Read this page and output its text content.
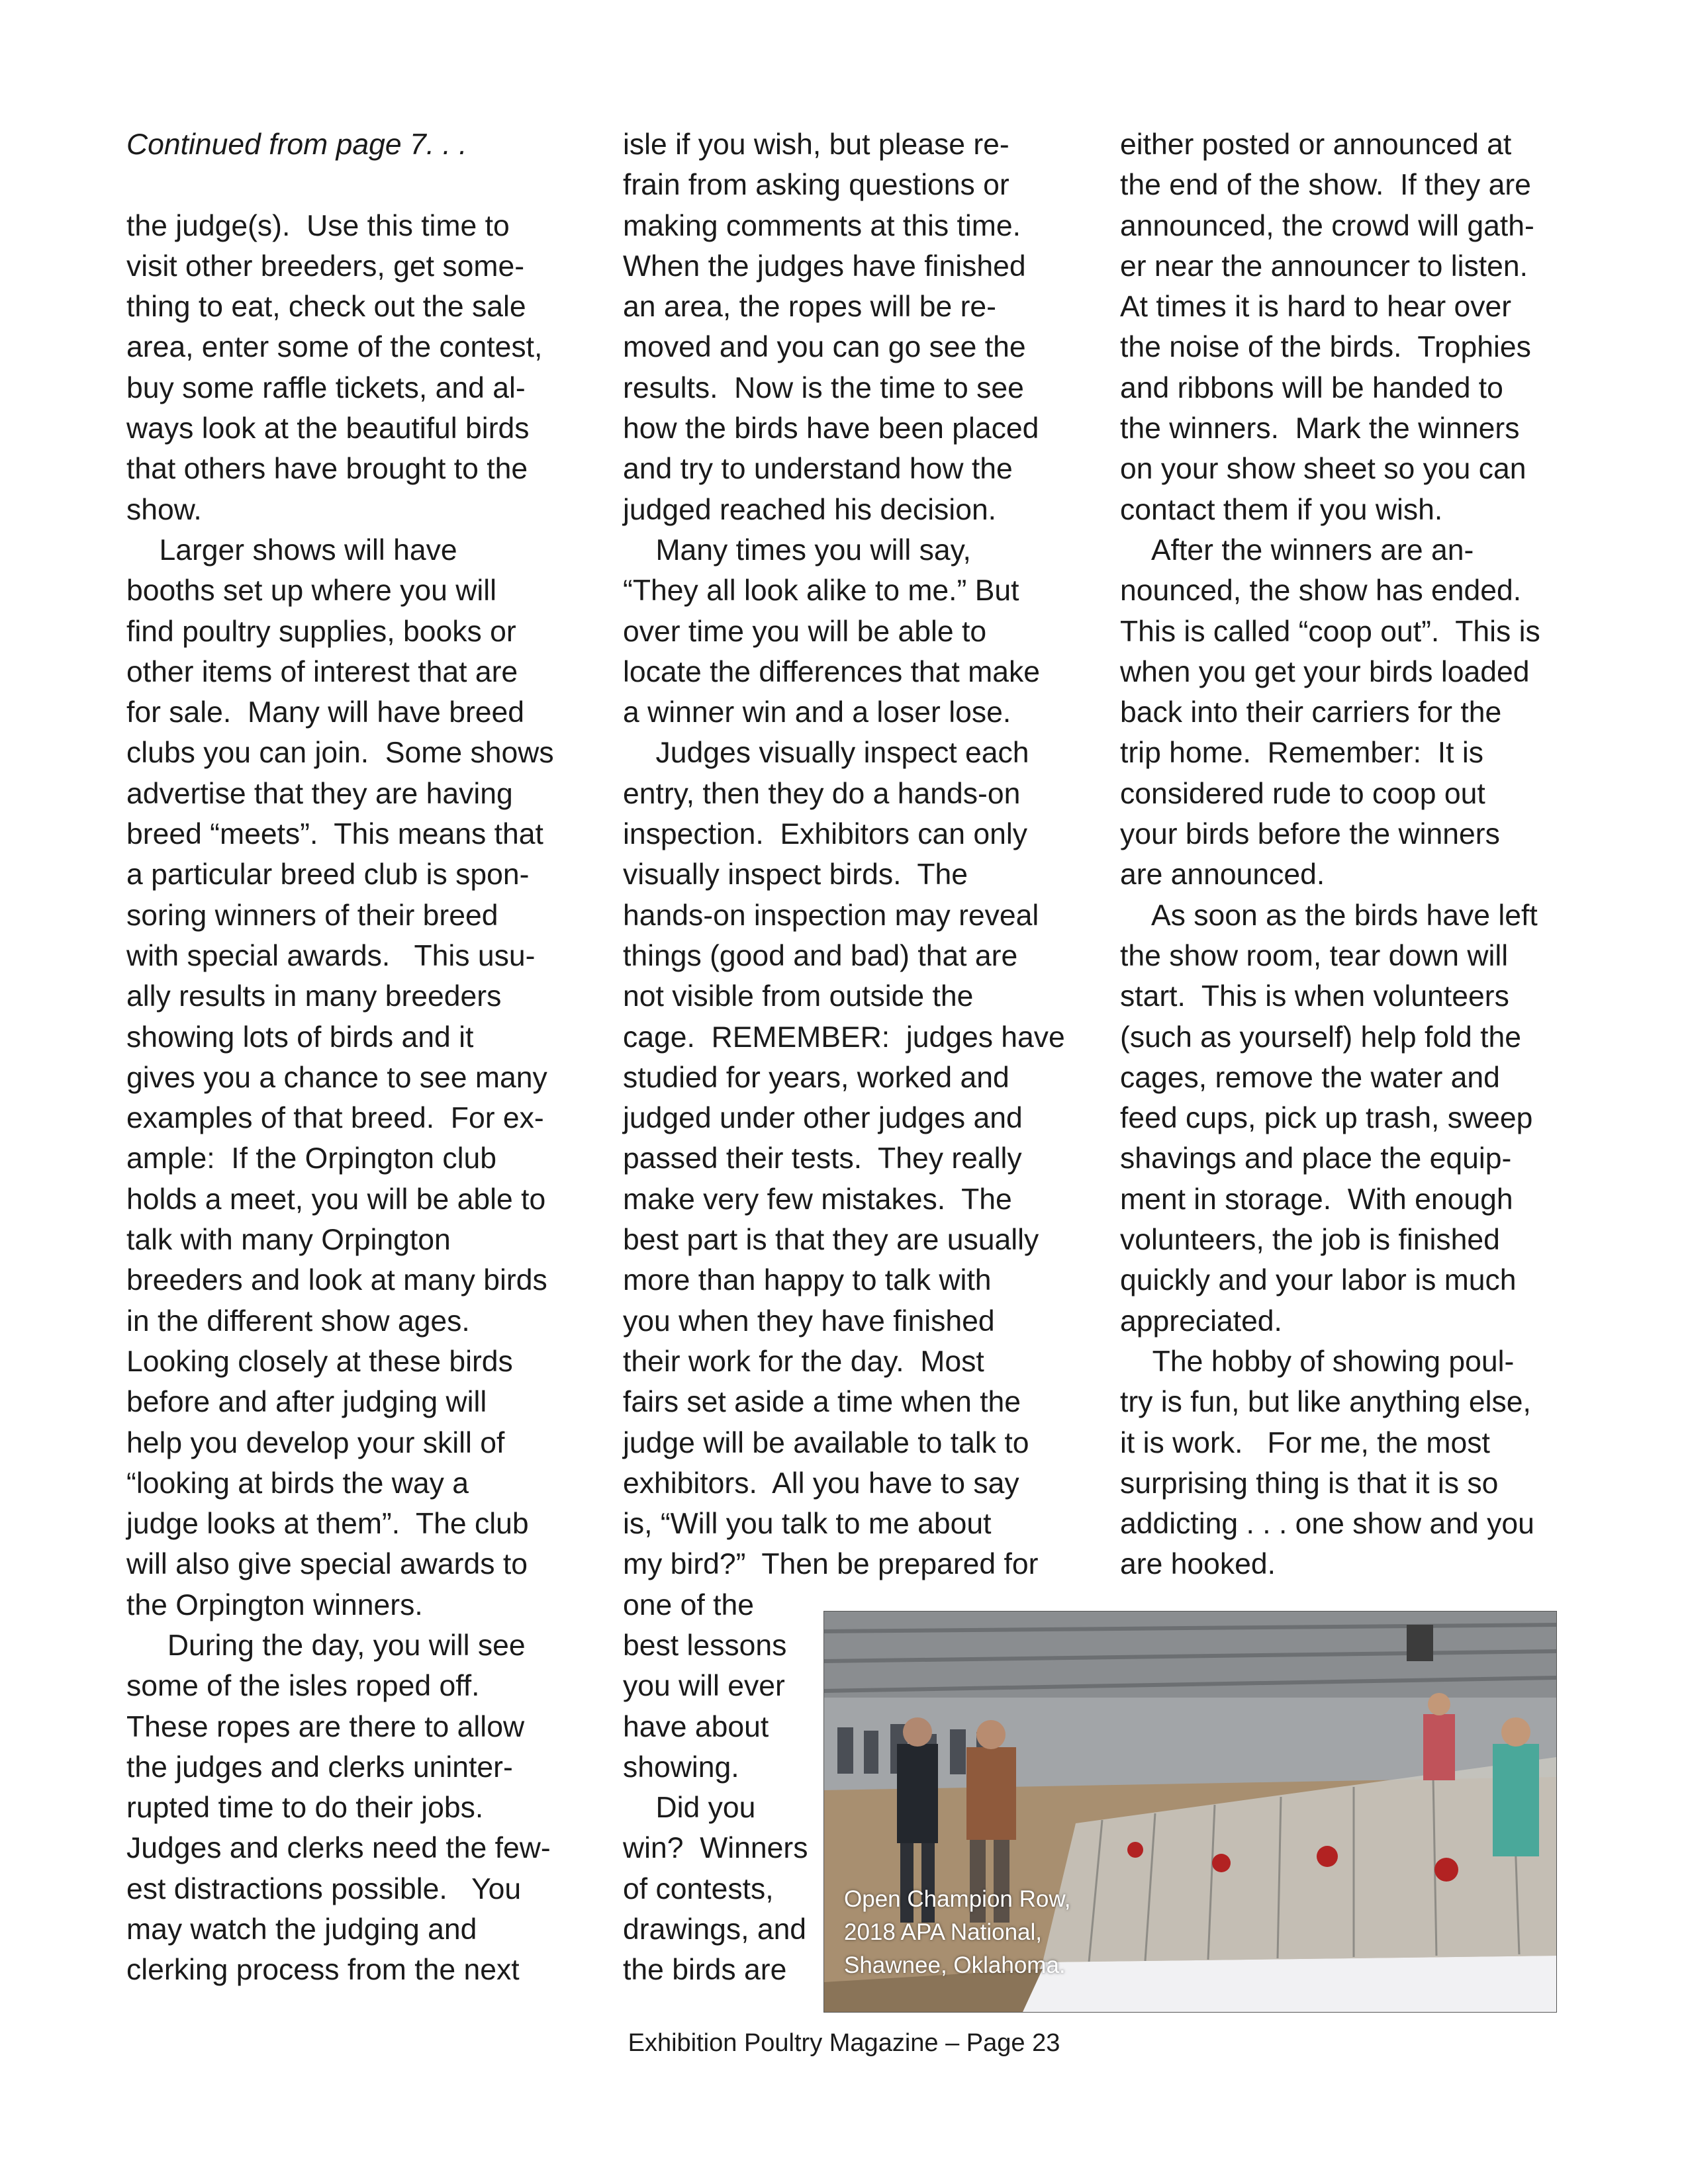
Continued from page 7. . .
the judge(s).  Use this time to
visit other breeders, get some-
thing to eat, check out the sale
area, enter some of the contest,
buy some raffle tickets, and al-
ways look at the beautiful birds
that others have brought to the
show.
Larger shows will have
booths set up where you will
find poultry supplies, books or
other items of interest that are
for sale.  Many will have breed
clubs you can join.  Some shows
advertise that they are having
breed “meets”.  This means that
a particular breed club is spon-
soring winners of their breed
with special awards.   This usu-
ally results in many breeders
showing lots of birds and it
gives you a chance to see many
examples of that breed.  For ex-
ample:  If the Orpington club
holds a meet, you will be able to
talk with many Orpington
breeders and look at many birds
in the different show ages.
Looking closely at these birds
before and after judging will
help you develop your skill of
“looking at birds the way a
judge looks at them”.  The club
will also give special awards to
the Orpington winners.
During the day, you will see
some of the isles roped off.
These ropes are there to allow
the judges and clerks uninter-
rupted time to do their jobs.
Judges and clerks need the few-
est distractions possible.   You
may watch the judging and
clerking process from the next
isle if you wish, but please re-
frain from asking questions or
making comments at this time.
When the judges have finished
an area, the ropes will be re-
moved and you can go see the
results.  Now is the time to see
how the birds have been placed
and try to understand how the
judged reached his decision.
Many times you will say,
“They all look alike to me.” But
over time you will be able to
locate the differences that make
a winner win and a loser lose.
Judges visually inspect each
entry, then they do a hands-on
inspection.  Exhibitors can only
visually inspect birds.  The
hands-on inspection may reveal
things (good and bad) that are
not visible from outside the
cage.  REMEMBER:  judges have
studied for years, worked and
judged under other judges and
passed their tests.  They really
make very few mistakes.  The
best part is that they are usually
more than happy to talk with
you when they have finished
their work for the day.  Most
fairs set aside a time when the
judge will be available to talk to
exhibitors.  All you have to say
is, “Will you talk to me about
my bird?”  Then be prepared for
one of the
best lessons
you will ever
have about
showing.
Did you
win?  Winners
of contests,
drawings, and
the birds are
either posted or announced at
the end of the show.  If they are
announced, the crowd will gath-
er near the announcer to listen.
At times it is hard to hear over
the noise of the birds.  Trophies
and ribbons will be handed to
the winners.  Mark the winners
on your show sheet so you can
contact them if you wish.
After the winners are an-
nounced, the show has ended.
This is called “coop out”.  This is
when you get your birds loaded
back into their carriers for the
trip home.  Remember:  It is
considered rude to coop out
your birds before the winners
are announced.
As soon as the birds have left
the show room, tear down will
start.  This is when volunteers
(such as yourself) help fold the
cages, remove the water and
feed cups, pick up trash, sweep
shavings and place the equip-
ment in storage.  With enough
volunteers, the job is finished
quickly and your labor is much
appreciated.
The hobby of showing poul-
try is fun, but like anything else,
it is work.   For me, the most
surprising thing is that it is so
addicting . . . one show and you
are hooked.
Open Champion Row,
2018 APA National,
Shawnee, Oklahoma.
Exhibition Poultry Magazine – Page 23
